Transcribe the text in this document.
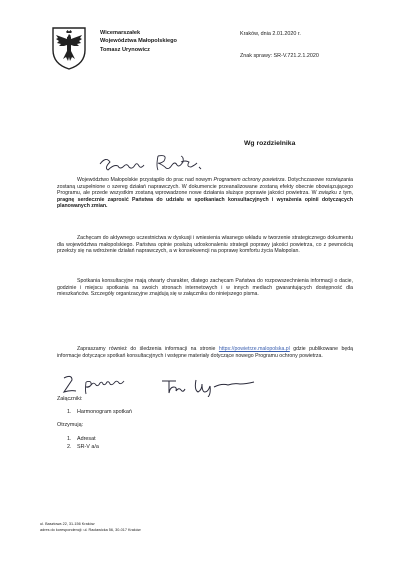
Wicemarszałek
Województwa Małopolskiego
Tomasz Urynowicz
Kraków, dnia 2.01.2020 r.
Znak sprawy: SR-V.721.2.1.2020
Wg rozdzielnika

Województwo Małopolskie przystąpiło do prac nad nowym Programem ochrony powietrza. Dotychczasowe rozwiązania zostaną uzupełnione o szereg działań naprawczych. W dokumencie przeanalizowane zostaną efekty obecnie obowiązującego Programu, ale przede wszystkim zostaną wprowadzone nowe działania służące poprawie jakości powietrza. W związku z tym, pragnę serdecznie zaprosić Państwa do udziału w spotkaniach konsultacyjnych i wyrażenia opinii dotyczących planowanych zmian.

Zachęcam do aktywnego uczestnictwa w dyskusji i wniesienia własnego wkładu w tworzenie strategicznego dokumentu dla województwa małopolskiego. Państwa opinie posłużą udoskonaleniu strategii poprawy jakości powietrza, co z pewnością przełoży się na wdrożenie działań naprawczych, a w konsekwencji na poprawę komfortu życia Małopolan.

Spotkania konsultacyjne mają otwarty charakter, dlatego zachęcam Państwa do rozpowszechnienia informacji o dacie, godzinie i miejscu spotkania na swoich stronach internetowych i w innych mediach gwarantujących dostępność dla mieszkańców. Szczegóły organizacyjne znajdują się w załączniku do niniejszego pisma.

Zapraszamy również do śledzenia informacji na stronie https://powietrze.malopolska.pl gdzie publikowane będą informacje dotyczące spotkań konsultacyjnych i wstępne materiały dotyczące nowego Programu ochrony powietrza.

Załączniki:
1. Harmonogram spotkań
Otrzymują:
1. Adresat
2. SR-V a/a
ul. Basztowa 22, 31-156 Kraków
adres do korespondencji: ul. Racławicka 56, 30-017 Kraków
